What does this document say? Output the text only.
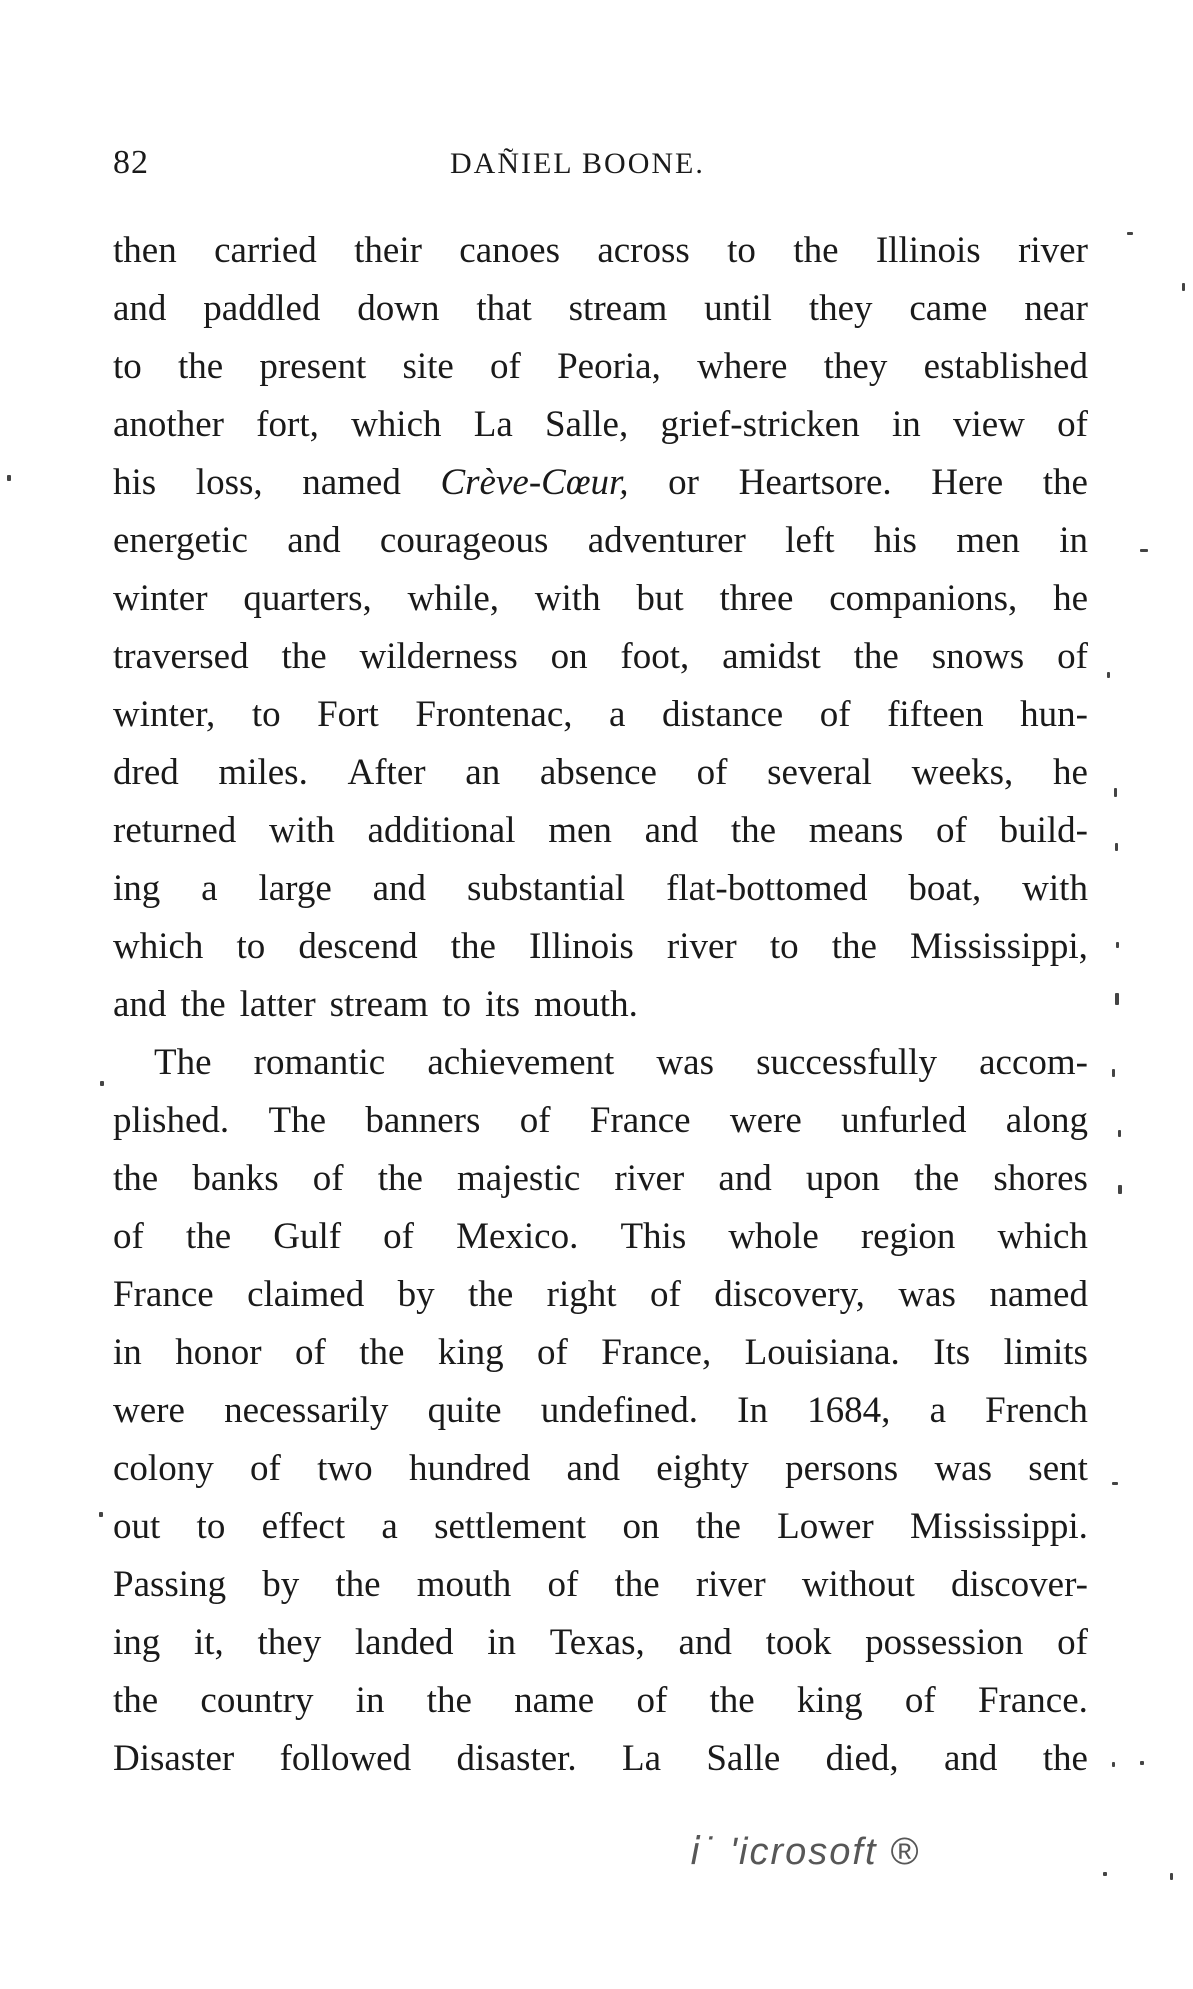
82	DAÑIEL BOONE.
then carried their canoes across to the Illinois river
and paddled down that stream until they came near
to the present site of Peoria, where they established
another fort, which La Salle, grief-stricken in view of
his loss, named Crève-Cœur, or Heartsore. Here the
energetic and courageous adventurer left his men in
winter quarters, while, with but three companions, he
traversed the wilderness on foot, amidst the snows of
winter, to Fort Frontenac, a distance of fifteen hun-
dred miles. After an absence of several weeks, he
returned with additional men and the means of build-
ing a large and substantial flat-bottomed boat, with
which to descend the Illinois river to the Mississippi,
and the latter stream to its mouth.
The romantic achievement was successfully accom-
plished. The banners of France were unfurled along
the banks of the majestic river and upon the shores
of the Gulf of Mexico. This whole region which
France claimed by the right of discovery, was named
in honor of the king of France, Louisiana. Its limits
were necessarily quite undefined. In 1684, a French
colony of two hundred and eighty persons was sent
out to effect a settlement on the Lower Mississippi.
Passing by the mouth of the river without discover-
ing it, they landed in Texas, and took possession of
the country in the name of the king of France.
Disaster followed disaster. La Salle died, and the
ⅰ˙ ʹicrosoft ®
